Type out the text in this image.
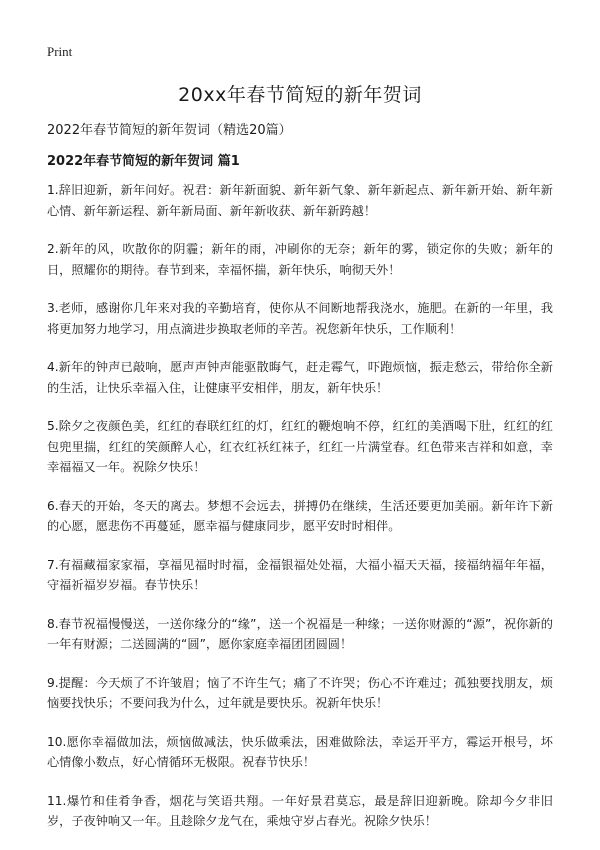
Print
20xx年春节简短的新年贺词

2022年春节简短的新年贺词（精选20篇）

2022年春节简短的新年贺词 篇1

1.辞旧迎新，新年问好。祝君：新年新面貌、新年新气象、新年新起点、新年新开始、新年新心情、新年新运程、新年新局面、新年新收获、新年新跨越！

2.新年的风，吹散你的阴霾；新年的雨，冲刷你的无奈；新年的雾，锁定你的失败；新年的日，照耀你的期待。春节到来，幸福怀揣，新年快乐，响彻天外！

3.老师，感谢你几年来对我的辛勤培育，使你从不间断地帮我浇水，施肥。在新的一年里，我将更加努力地学习，用点滴进步换取老师的辛苦。祝您新年快乐，工作顺利！

4.新年的钟声已敲响，愿声声钟声能驱散晦气，赶走霉气，吓跑烦恼，振走愁云，带给你全新的生活，让快乐幸福入住，让健康平安相伴，朋友，新年快乐！

5.除夕之夜颜色美，红红的春联红红的灯，红红的鞭炮响不停，红红的美酒喝下肚，红红的红包兜里揣，红红的笑颜醉人心，红衣红袄红袜子，红红一片满堂春。红色带来吉祥和如意，幸幸福福又一年。祝除夕快乐！

6.春天的开始，冬天的离去。梦想不会远去，拼搏仍在继续，生活还要更加美丽。新年许下新的心愿，愿悲伤不再蔓延，愿幸福与健康同步，愿平安时时相伴。

7.有福藏福家家福，享福见福时时福，金福银福处处福，大福小福天天福，接福纳福年年福，守福祈福岁岁福。春节快乐！

8.春节祝福慢慢送，一送你缘分的“缘”，送一个祝福是一种缘；一送你财源的“源”，祝你新的一年有财源；二送圆满的“圆”，愿你家庭幸福团团圆圆！

9.提醒：今天烦了不许皱眉；恼了不许生气；痛了不许哭；伤心不许难过；孤独要找朋友，烦恼要找快乐；不要问我为什么，过年就是要快乐。祝新年快乐！

10.愿你幸福做加法，烦恼做减法，快乐做乘法，困难做除法，幸运开平方，霉运开根号，坏心情像小数点，好心情循环无极限。祝春节快乐！

11.爆竹和佳肴争香，烟花与笑语共翔。一年好景君莫忘，最是辞旧迎新晚。除却今夕非旧岁，子夜钟响又一年。且趁除夕龙气在，乘烛守岁占春光。祝除夕快乐！
